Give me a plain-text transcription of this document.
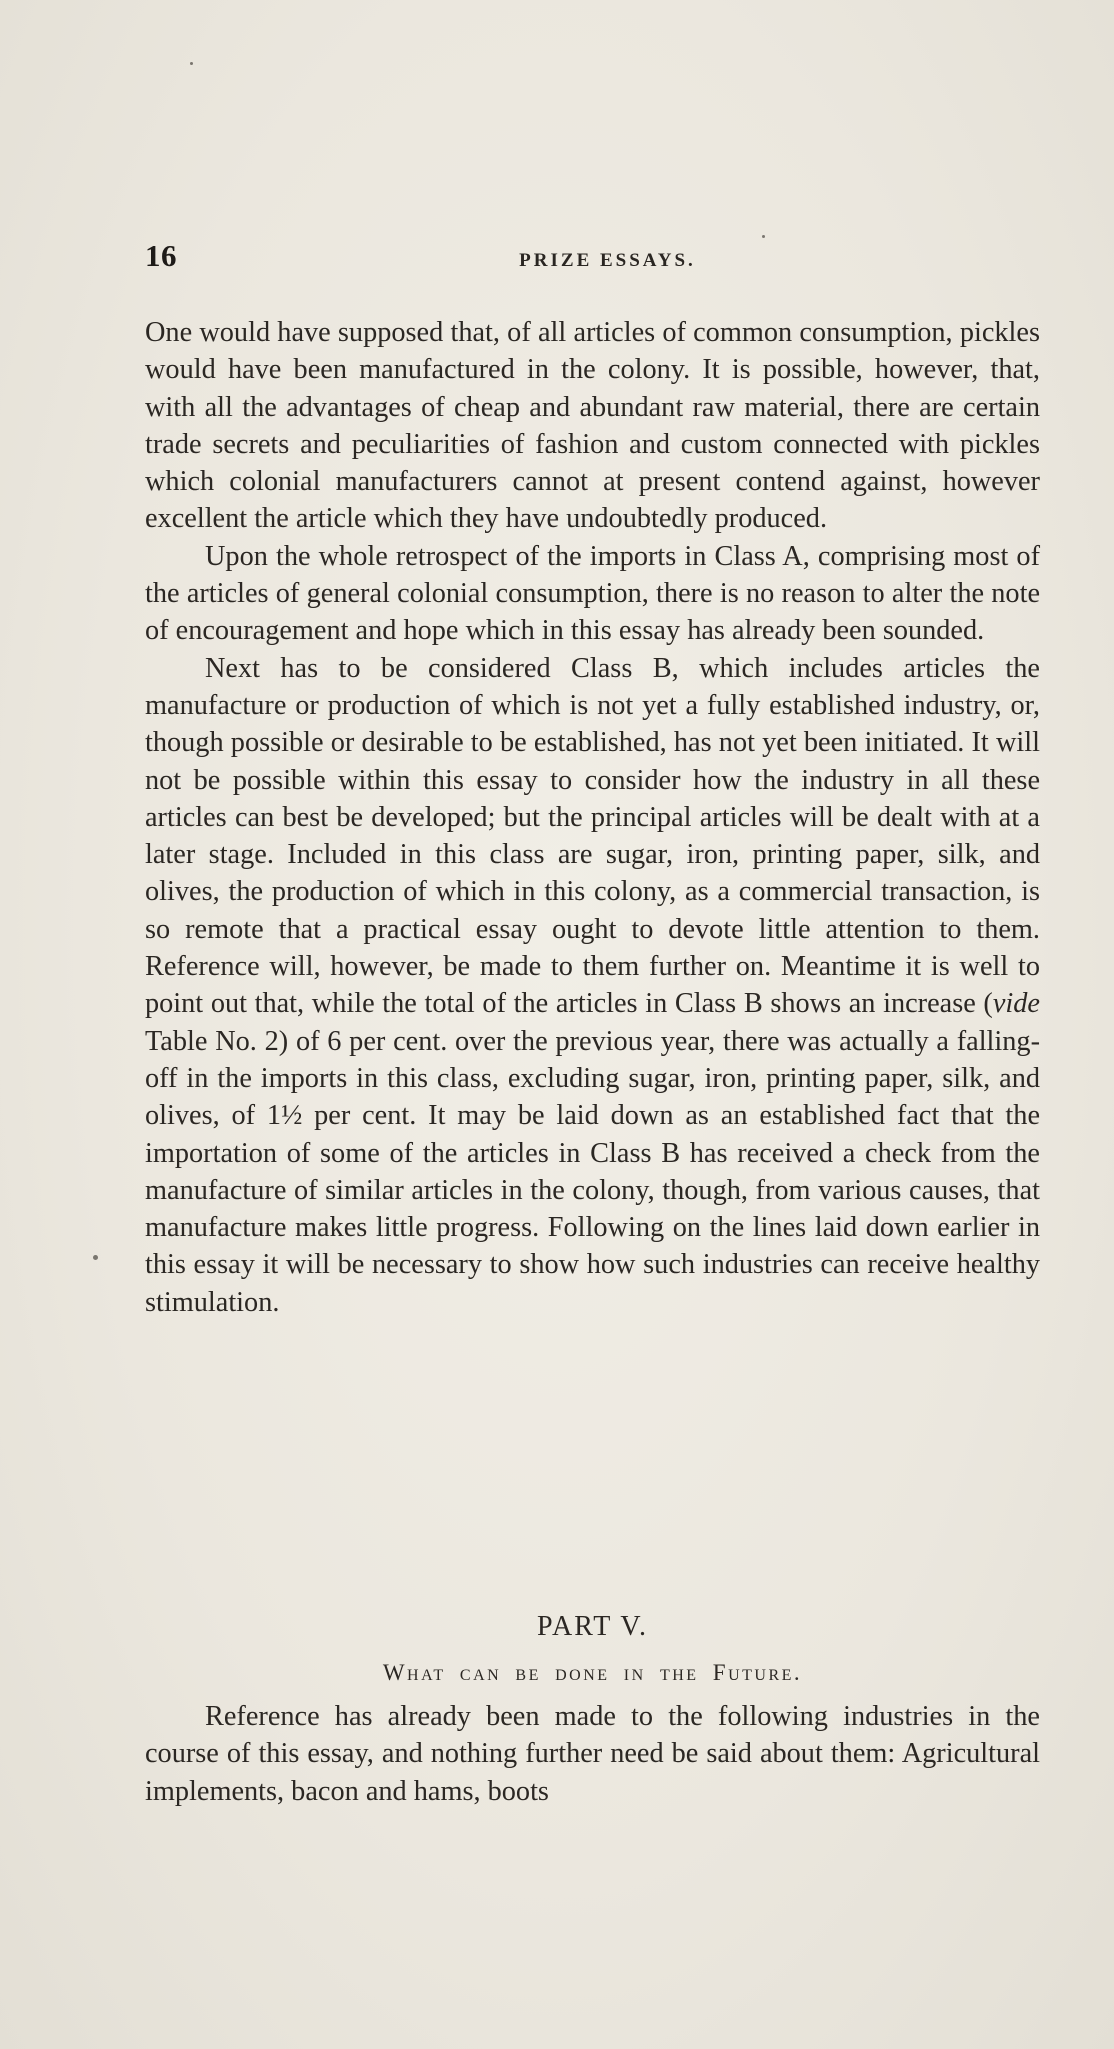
16	PRIZE ESSAYS.

One would have supposed that, of all articles of common consumption, pickles would have been manufactured in the colony. It is possible, however, that, with all the advantages of cheap and abundant raw material, there are certain trade secrets and peculiarities of fashion and custom connected with pickles which colonial manufacturers cannot at present contend against, however excellent the article which they have undoubtedly produced.

Upon the whole retrospect of the imports in Class A, comprising most of the articles of general colonial consumption, there is no reason to alter the note of encouragement and hope which in this essay has already been sounded.

Next has to be considered Class B, which includes articles the manufacture or production of which is not yet a fully established industry, or, though possible or desirable to be established, has not yet been initiated. It will not be possible within this essay to consider how the industry in all these articles can best be developed; but the principal articles will be dealt with at a later stage. Included in this class are sugar, iron, printing paper, silk, and olives, the production of which in this colony, as a commercial transaction, is so remote that a practical essay ought to devote little attention to them. Reference will, however, be made to them further on. Meantime it is well to point out that, while the total of the articles in Class B shows an increase (vide Table No. 2) of 6 per cent. over the previous year, there was actually a falling-off in the imports in this class, excluding sugar, iron, printing paper, silk, and olives, of 1½ per cent. It may be laid down as an established fact that the importation of some of the articles in Class B has received a check from the manufacture of similar articles in the colony, though, from various causes, that manufacture makes little progress. Following on the lines laid down earlier in this essay it will be necessary to show how such industries can receive healthy stimulation.

PART V.
What can be done in the Future.

Reference has already been made to the following industries in the course of this essay, and nothing further need be said about them: Agricultural implements, bacon and hams, boots
